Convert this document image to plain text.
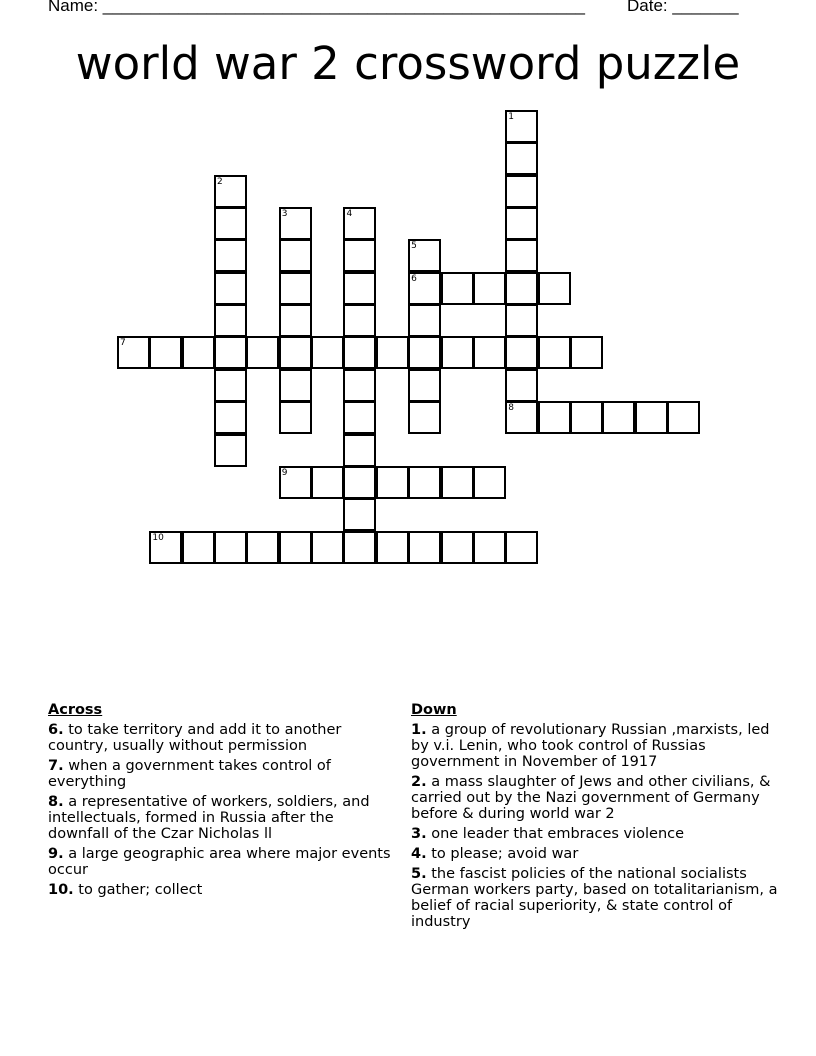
Name: ___________________________________________________ Date: _______
world war 2 crossword puzzle
1
2
3	4
5
6
7
8
9
10
Across
6. to take territory and add it to another country, usually without permission
7. when a government takes control of everything
8. a representative of workers, soldiers, and intellectuals, formed in Russia after the downfall of the Czar Nicholas ll
9. a large geographic area where major events occur
10. to gather; collect
Down
1. a group of revolutionary Russian ,marxists, led by v.i. Lenin, who took control of Russias government in November of 1917
2. a mass slaughter of Jews and other civilians, & carried out by the Nazi government of Germany before & during world war 2
3. one leader that embraces violence
4. to please; avoid war
5. the fascist policies of the national socialists German workers party, based on totalitarianism, a belief of racial superiority, & state control of industry
